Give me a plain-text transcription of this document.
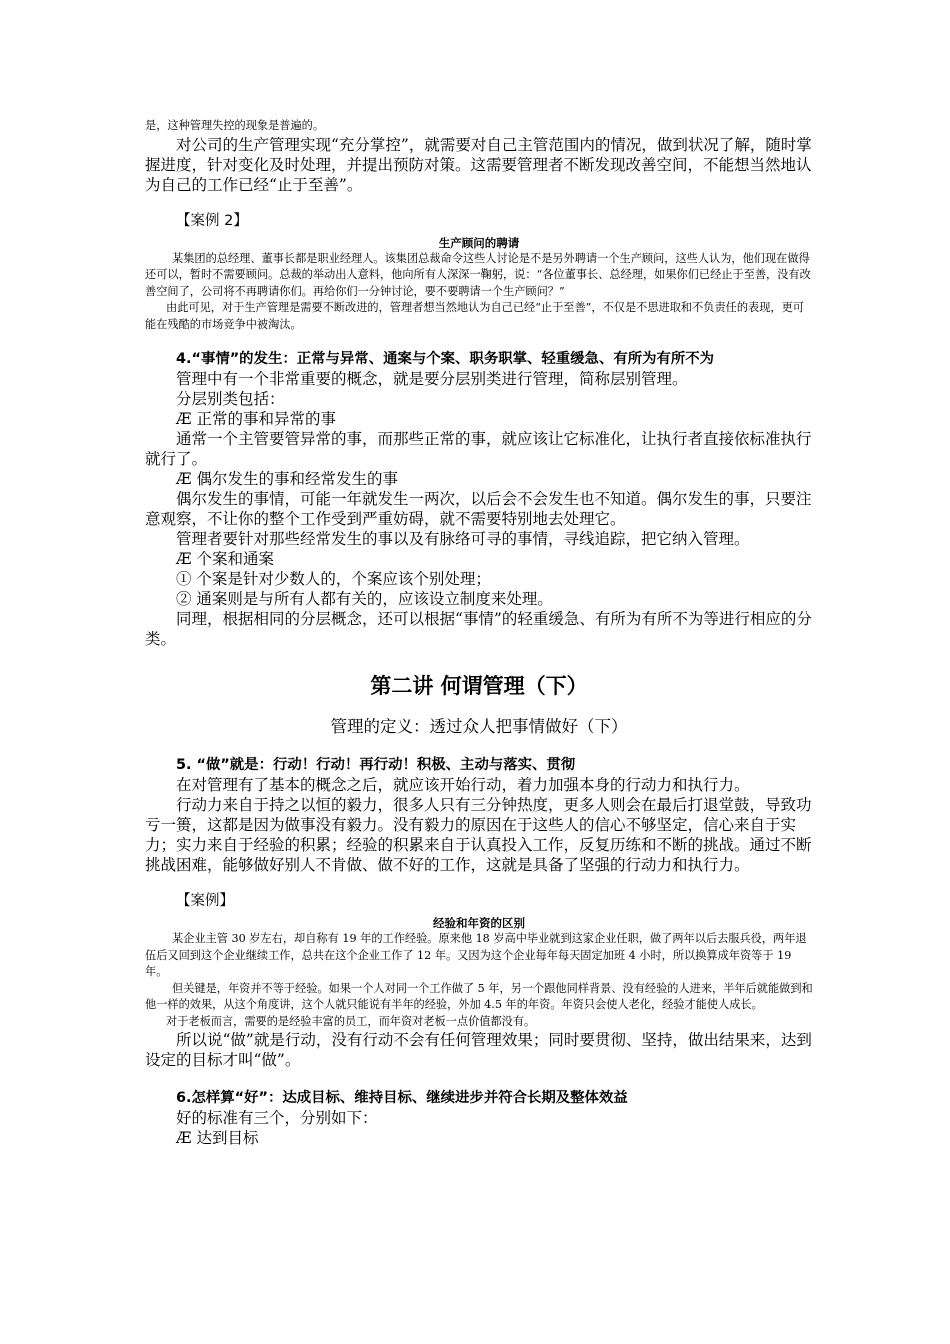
是，这种管理失控的现象是普遍的。

对公司的生产管理实现“充分掌控”，就需要对自己主管范围内的情况，做到状况了解，随时掌握进度，针对变化及时处理，并提出预防对策。这需要管理者不断发现改善空间，不能想当然地认为自己的工作已经“止于至善”。

【案例 2】

生产顾问的聘请

某集团的总经理、董事长都是职业经理人。该集团总裁命令这些人讨论是不是另外聘请一个生产顾问，这些人认为，他们现在做得还可以，暂时不需要顾问。总裁的举动出人意料，他向所有人深深一鞠躬，说：“各位董事长、总经理，如果你们已经止于至善，没有改善空间了，公司将不再聘请你们。再给你们一分钟讨论，要不要聘请一个生产顾问？”

由此可见，对于生产管理是需要不断改进的，管理者想当然地认为自己已经“止于至善”，不仅是不思进取和不负责任的表现，更可能在残酷的市场竞争中被淘汰。

4.“事情”的发生：正常与异常、通案与个案、职务职掌、轻重缓急、有所为有所不为

管理中有一个非常重要的概念，就是要分层别类进行管理，简称层别管理。

分层别类包括：

Æ 正常的事和异常的事

通常一个主管要管异常的事，而那些正常的事，就应该让它标准化，让执行者直接依标准执行就行了。

Æ 偶尔发生的事和经常发生的事

偶尔发生的事情，可能一年就发生一两次，以后会不会发生也不知道。偶尔发生的事，只要注意观察，不让你的整个工作受到严重妨碍，就不需要特别地去处理它。

管理者要针对那些经常发生的事以及有脉络可寻的事情，寻线追踪，把它纳入管理。

Æ 个案和通案

① 个案是针对少数人的，个案应该个别处理；

② 通案则是与所有人都有关的，应该设立制度来处理。

同理，根据相同的分层概念，还可以根据“事情”的轻重缓急、有所为有所不为等进行相应的分类。

第二讲 何谓管理（下）

管理的定义：透过众人把事情做好（下）

5. “做”就是：行动！行动！再行动！积极、主动与落实、贯彻

在对管理有了基本的概念之后，就应该开始行动，着力加强本身的行动力和执行力。

行动力来自于持之以恒的毅力，很多人只有三分钟热度，更多人则会在最后打退堂鼓，导致功亏一篑，这都是因为做事没有毅力。没有毅力的原因在于这些人的信心不够坚定，信心来自于实力；实力来自于经验的积累；经验的积累来自于认真投入工作，反复历练和不断的挑战。通过不断挑战困难，能够做好别人不肯做、做不好的工作，这就是具备了坚强的行动力和执行力。

【案例】

经验和年资的区别

某企业主管 30 岁左右，却自称有 19 年的工作经验。原来他 18 岁高中毕业就到这家企业任职，做了两年以后去服兵役，两年退伍后又回到这个企业继续工作，总共在这个企业工作了 12 年。又因为这个企业每年每天固定加班 4 小时，所以换算成年资等于 19 年。

但关键是，年资并不等于经验。如果一个人对同一个工作做了 5 年，另一个跟他同样背景、没有经验的人进来，半年后就能做到和他一样的效果，从这个角度讲，这个人就只能说有半年的经验，外加 4.5 年的年资。年资只会使人老化，经验才能使人成长。

对于老板而言，需要的是经验丰富的员工，而年资对老板一点价值都没有。

所以说“做”就是行动，没有行动不会有任何管理效果；同时要贯彻、坚持，做出结果来，达到设定的目标才叫“做”。

6.怎样算“好”：达成目标、维持目标、继续进步并符合长期及整体效益

好的标准有三个，分别如下：

Æ 达到目标
